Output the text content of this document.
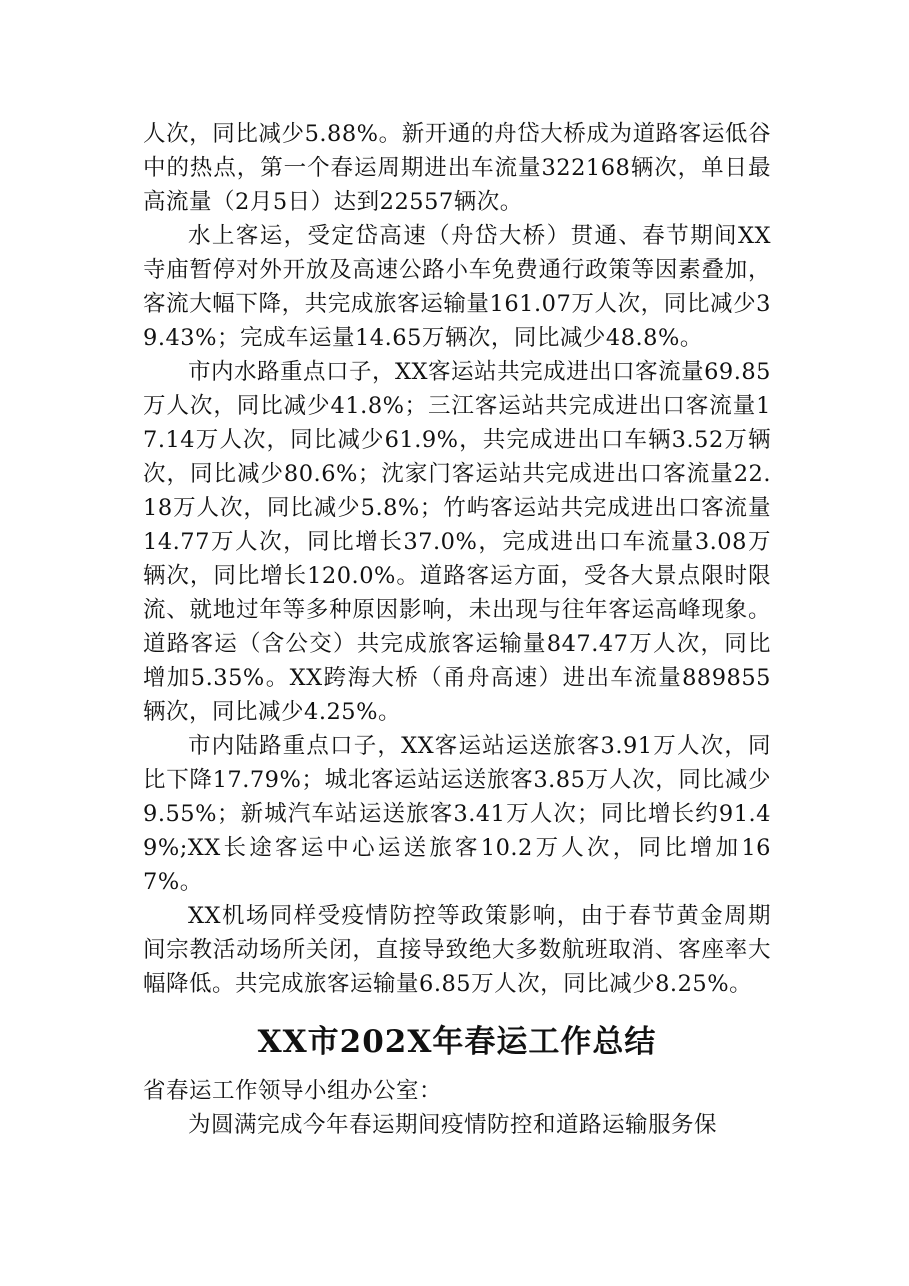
人次，同比减少5.88%。新开通的舟岱大桥成为道路客运低谷中的热点，第一个春运周期进出车流量322168辆次，单日最高流量（2月5日）达到22557辆次。

水上客运，受定岱高速（舟岱大桥）贯通、春节期间XX寺庙暂停对外开放及高速公路小车免费通行政策等因素叠加，客流大幅下降，共完成旅客运输量161.07万人次，同比减少39.43%；完成车运量14.65万辆次，同比减少48.8%。

市内水路重点口子，XX客运站共完成进出口客流量69.85万人次，同比减少41.8%；三江客运站共完成进出口客流量17.14万人次，同比减少61.9%，共完成进出口车辆3.52万辆次，同比减少80.6%；沈家门客运站共完成进出口客流量22.18万人次，同比减少5.8%；竹屿客运站共完成进出口客流量14.77万人次，同比增长37.0%，完成进出口车流量3.08万辆次，同比增长120.0%。道路客运方面，受各大景点限时限流、就地过年等多种原因影响，未出现与往年客运高峰现象。道路客运（含公交）共完成旅客运输量847.47万人次，同比增加5.35%。XX跨海大桥（甬舟高速）进出车流量889855辆次，同比减少4.25%。

市内陆路重点口子，XX客运站运送旅客3.91万人次，同比下降17.79%；城北客运站运送旅客3.85万人次，同比减少9.55%；新城汽车站运送旅客3.41万人次；同比增长约91.49%;XX长途客运中心运送旅客10.2万人次，同比增加167%。

XX机场同样受疫情防控等政策影响，由于春节黄金周期间宗教活动场所关闭，直接导致绝大多数航班取消、客座率大幅降低。共完成旅客运输量6.85万人次，同比减少8.25%。

XX市202X年春运工作总结

省春运工作领导小组办公室：

为圆满完成今年春运期间疫情防控和道路运输服务保
